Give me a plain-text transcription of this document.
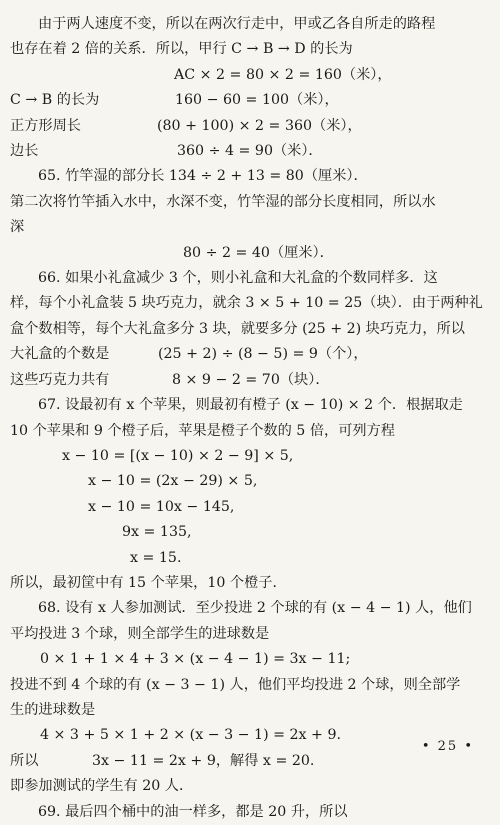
由于两人速度不变，所以在两次行走中，甲或乙各自所走的路程
也存在着 2 倍的关系．所以，甲行 C → B → D 的长为
AC × 2 = 80 × 2 = 160（米），
C → B 的长为	160 − 60 = 100（米），
正方形周长	(80 + 100) × 2 = 360（米），
边长	360 ÷ 4 = 90（米）．
65. 竹竿湿的部分长 134 ÷ 2 + 13 = 80（厘米）．
第二次将竹竿插入水中，水深不变，竹竿湿的部分长度相同，所以水
深
80 ÷ 2 = 40（厘米）．
66. 如果小礼盒减少 3 个，则小礼盒和大礼盒的个数同样多．这
样，每个小礼盒装 5 块巧克力，就余 3 × 5 + 10 = 25（块）．由于两种礼
盒个数相等，每个大礼盒多分 3 块，就要多分 (25 + 2) 块巧克力，所以
大礼盒的个数是	(25 + 2) ÷ (8 − 5) = 9（个），
这些巧克力共有	8 × 9 − 2 = 70（块）．
67. 设最初有 x 个苹果，则最初有橙子 (x − 10) × 2 个．根据取走
10 个苹果和 9 个橙子后，苹果是橙子个数的 5 倍，可列方程
x − 10 = [(x − 10) × 2 − 9] × 5,
x − 10 = (2x − 29) × 5,
x − 10 = 10x − 145,
9x = 135,
x = 15.
所以，最初筐中有 15 个苹果，10 个橙子．
68. 设有 x 人参加测试．至少投进 2 个球的有 (x − 4 − 1) 人，他们
平均投进 3 个球，则全部学生的进球数是
0 × 1 + 1 × 4 + 3 × (x − 4 − 1) = 3x − 11;
投进不到 4 个球的有 (x − 3 − 1) 人，他们平均投进 2 个球，则全部学
生的进球数是
4 × 3 + 5 × 1 + 2 × (x − 3 − 1) = 2x + 9.
所以	3x − 11 = 2x + 9，解得 x = 20.
即参加测试的学生有 20 人．
69. 最后四个桶中的油一样多，都是 20 升，所以
• 25 •
